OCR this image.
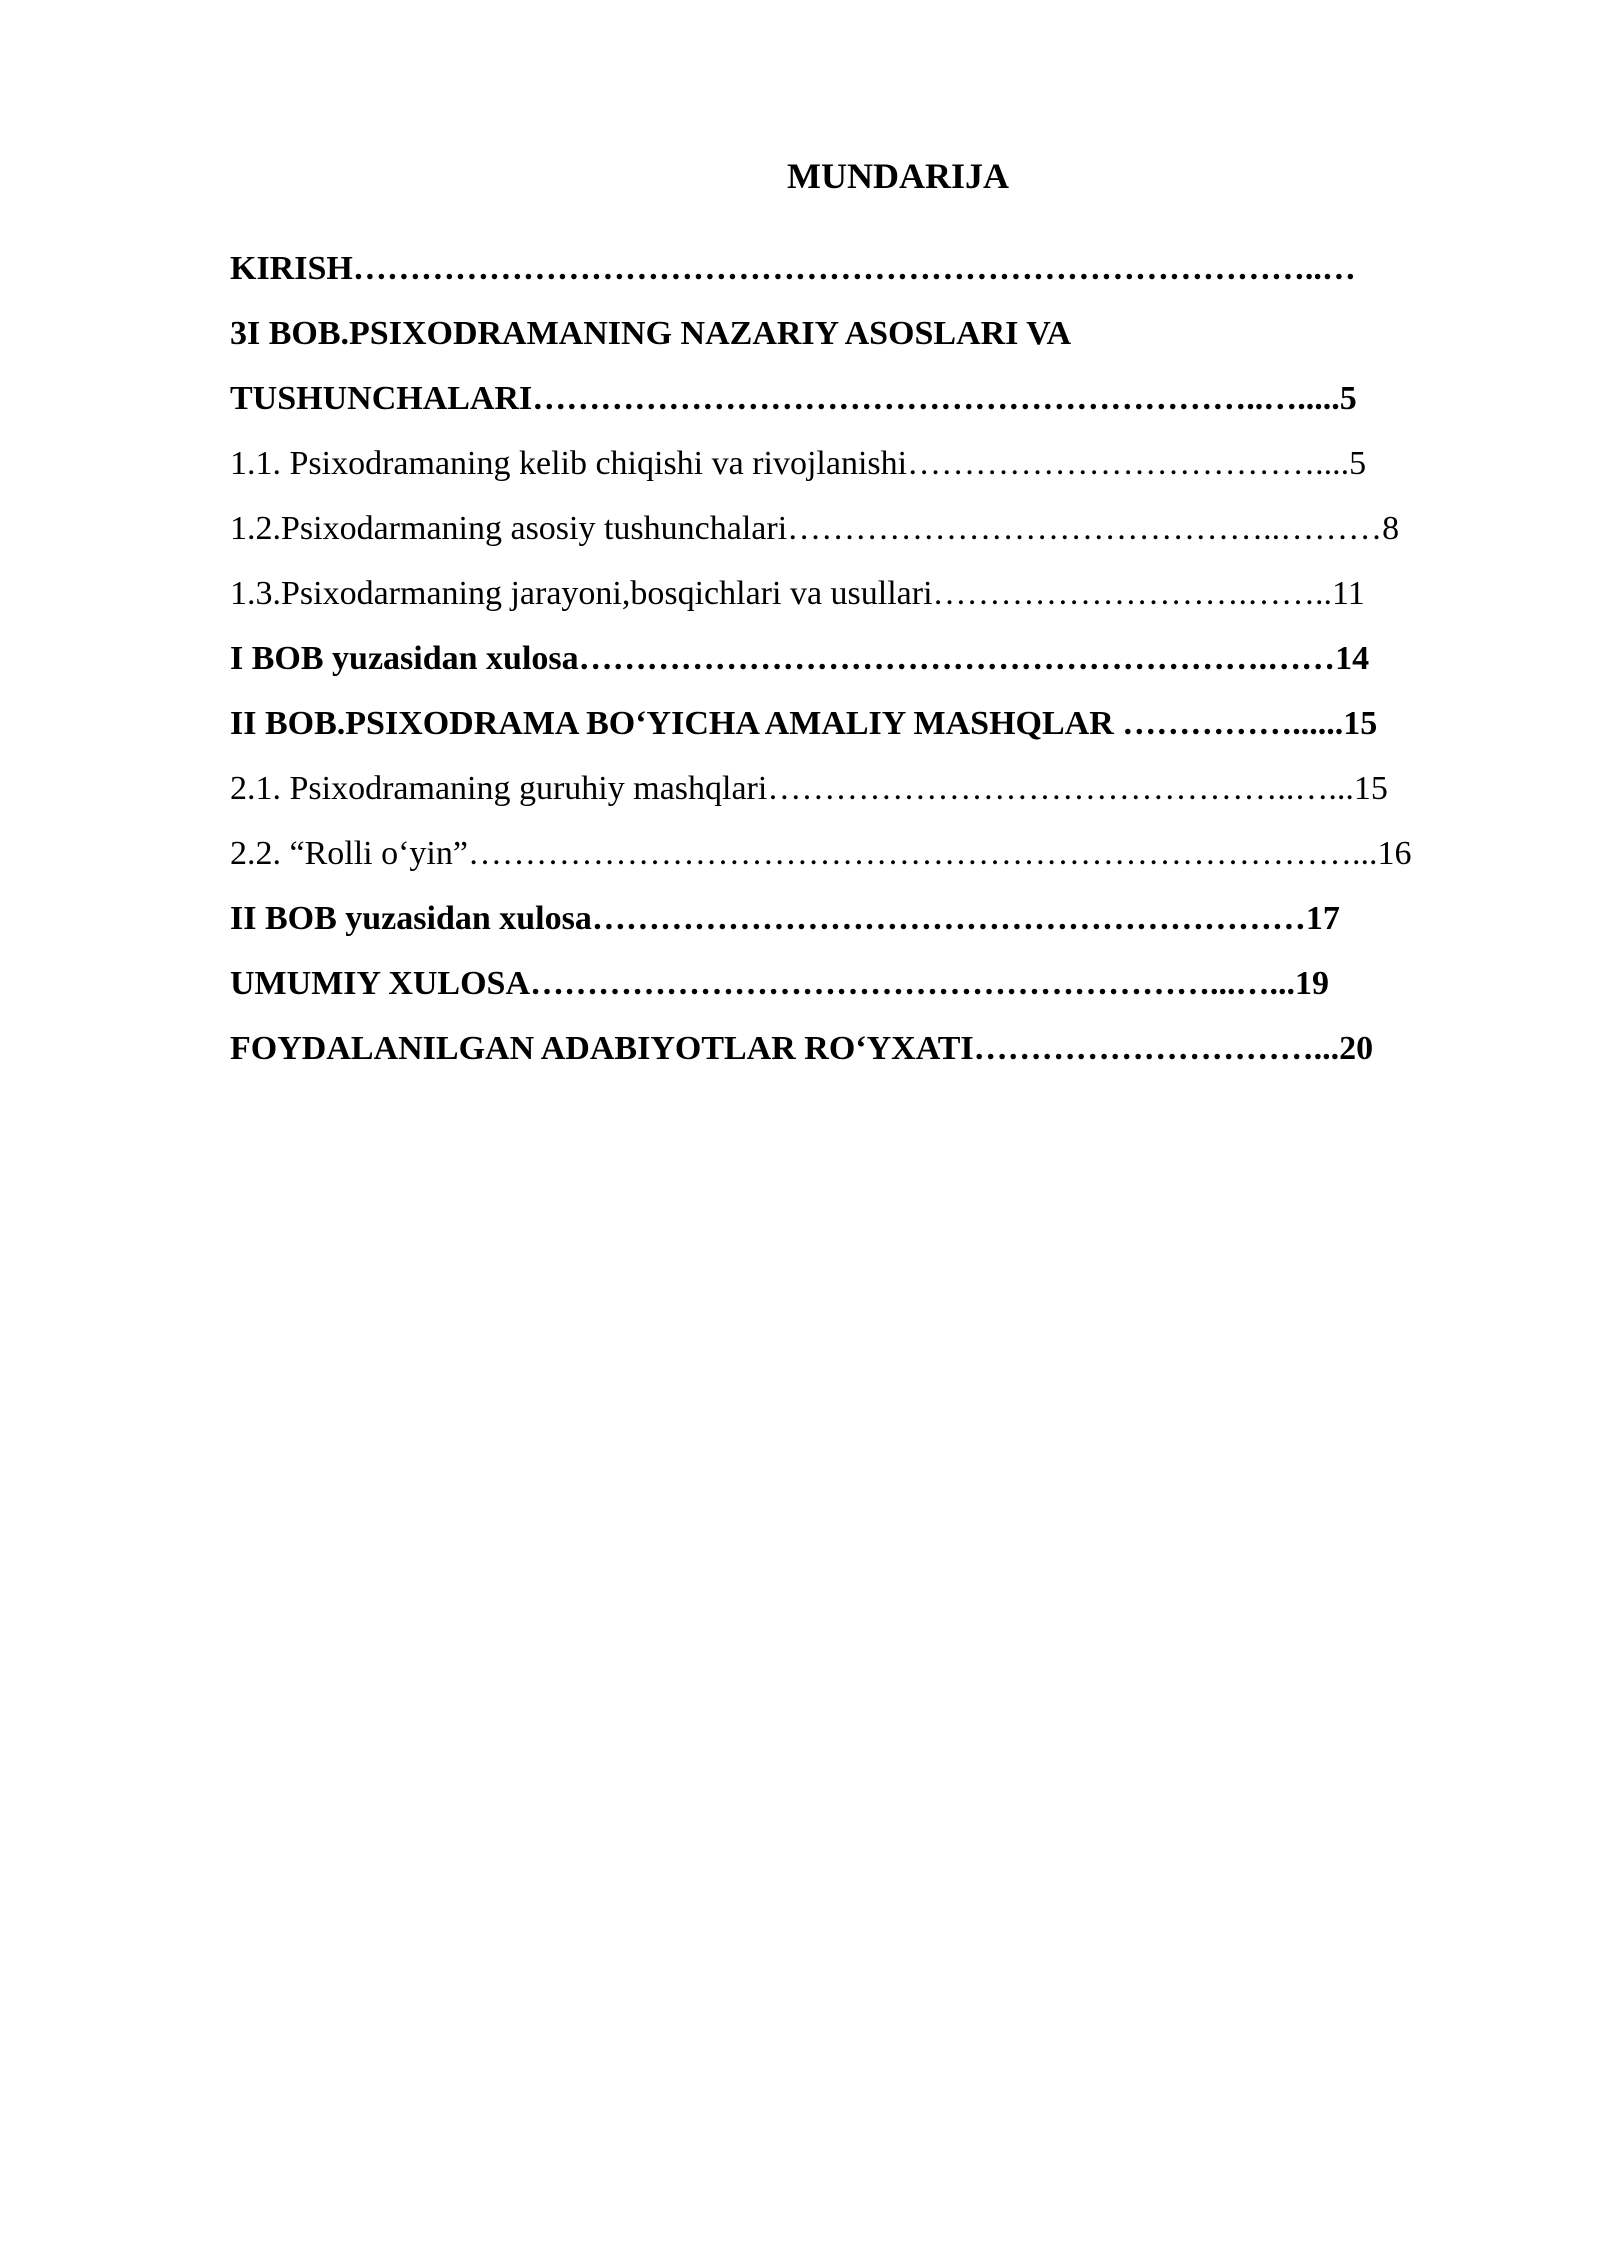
MUNDARIJA
KIRISH…………………………………………………………………………..…
3I BOB.PSIXODRAMANING NAZARIY ASOSLARI VA
TUSHUNCHALARI………………………………………………………..….....5
1.1. Psixodramaning kelib chiqishi va rivojlanishi………………………………....5
1.2.Psixodarmaning asosiy tushunchalari……………………………………..………8
1.3.Psixodarmaning jarayoni,bosqichlari va usullari……………………….……..11
I BOB yuzasidan xulosa…………………………………………………….……14
II BOB.PSIXODRAMA BO‘YICHA AMALIY MASHQLAR ……………......15
2.1. Psixodramaning guruhiy mashqlari………………………………………..…...15
2.2. “Rolli o‘yin”……………………………………………………………………...16
II BOB yuzasidan xulosa………………………………………………………17
UMUMIY XULOSA……………………………………………………...…...19
FOYDALANILGAN ADABIYOTLAR RO‘YXATI…………………………...20
